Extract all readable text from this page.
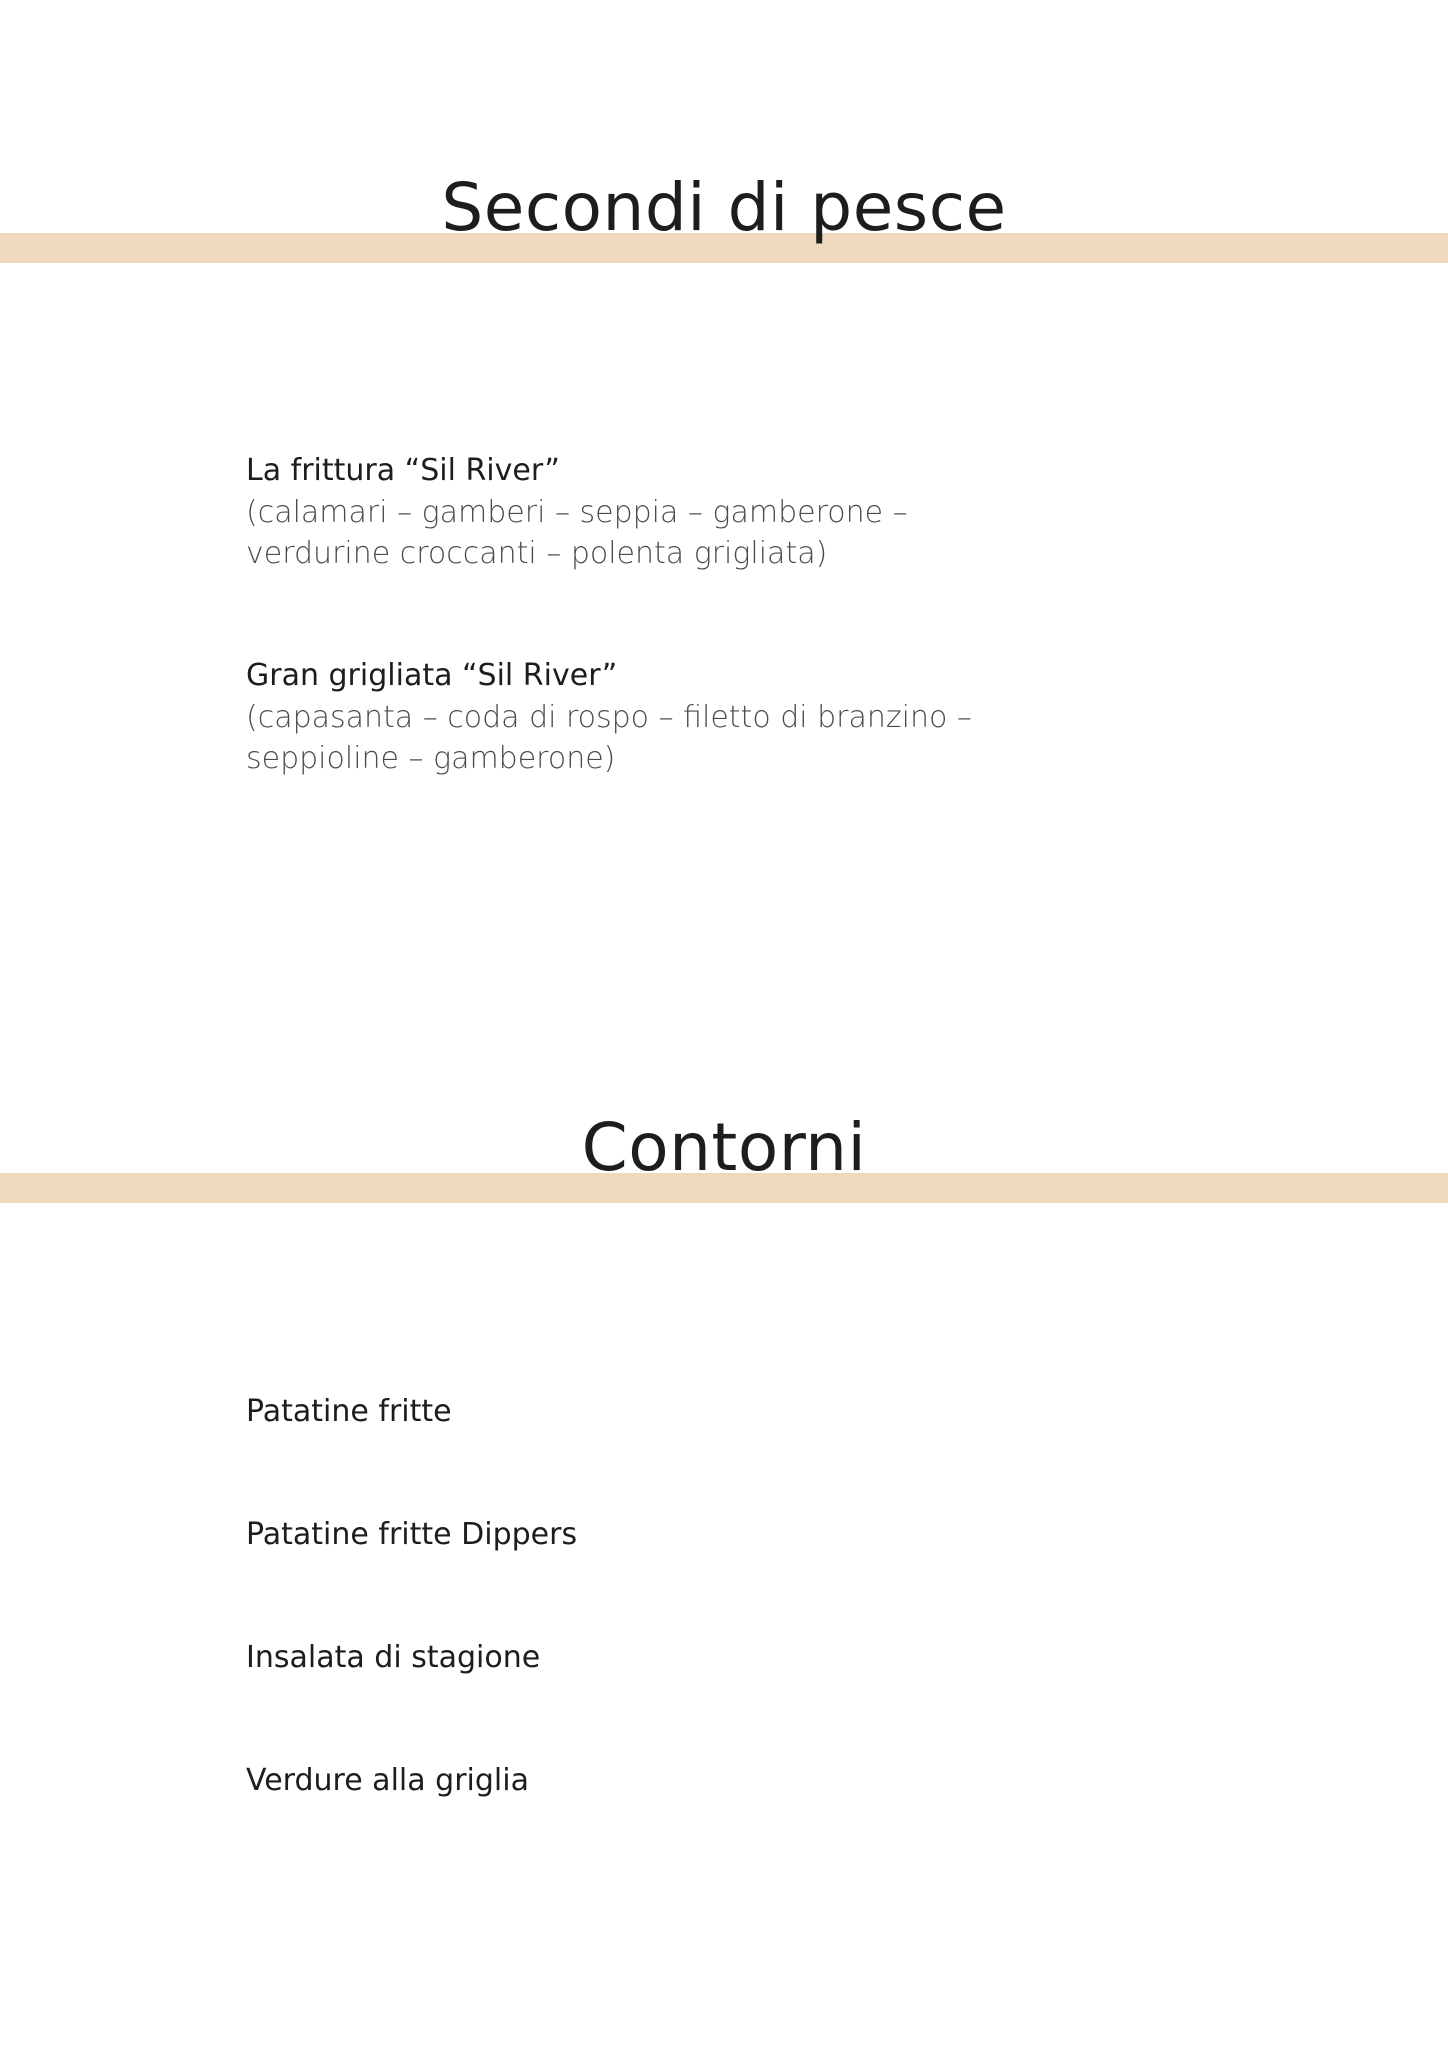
Secondi di pesce
La frittura “Sil River”
(calamari – gamberi – seppia – gamberone –
verdurine croccanti – polenta grigliata)
Gran grigliata “Sil River”
(capasanta – coda di rospo – filetto di branzino –
seppioline – gamberone)
Contorni
Patatine fritte
Patatine fritte Dippers
Insalata di stagione
Verdure alla griglia
